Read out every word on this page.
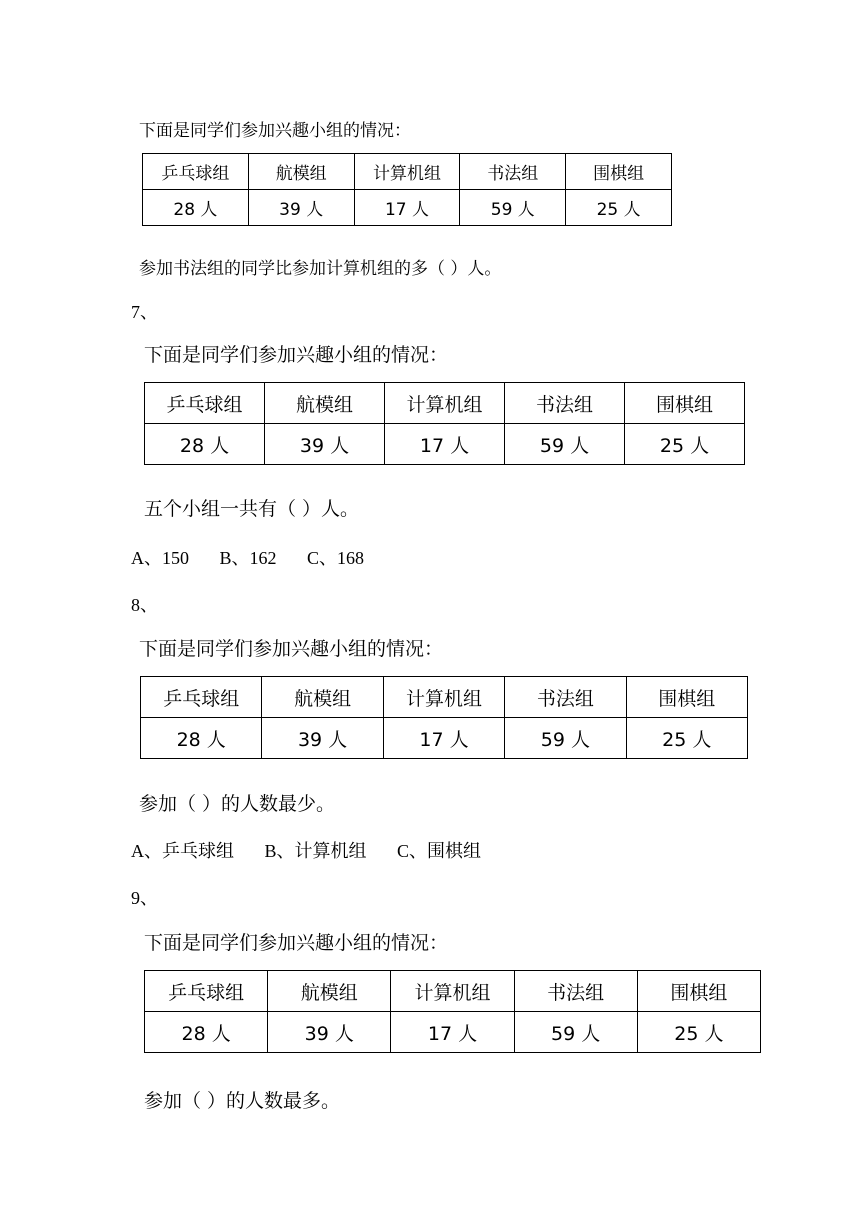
下面是同学们参加兴趣小组的情况：
乒乓球组	航模组	计算机组	书法组	围棋组
28 人	39 人	17 人	59 人	25 人
参加书法组的同学比参加计算机组的多（ ）人。
7、
下面是同学们参加兴趣小组的情况：
乒乓球组	航模组	计算机组	书法组	围棋组
28 人	39 人	17 人	59 人	25 人
五个小组一共有（ ）人。
A、150 B、162 C、168
8、
下面是同学们参加兴趣小组的情况：
乒乓球组	航模组	计算机组	书法组	围棋组
28 人	39 人	17 人	59 人	25 人
参加（ ）的人数最少。
A、乒乓球组 B、计算机组 C、围棋组
9、
下面是同学们参加兴趣小组的情况：
乒乓球组	航模组	计算机组	书法组	围棋组
28 人	39 人	17 人	59 人	25 人
参加（ ）的人数最多。
